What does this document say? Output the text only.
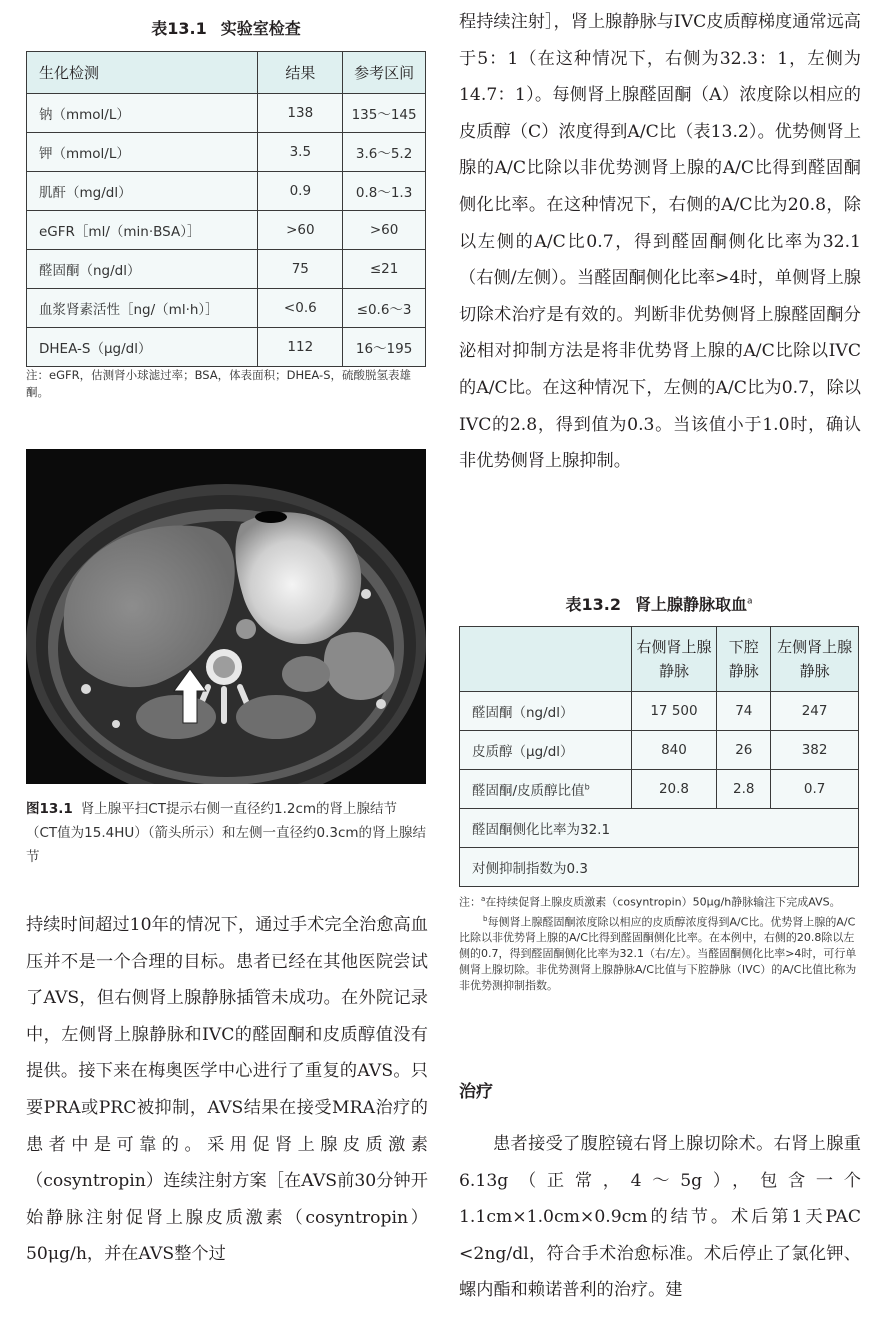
表13.1 实验室检查
生化检测	结果	参考区间
钠（mmol/L）	138	135～145
钾（mmol/L）	3.5	3.6～5.2
肌酐（mg/dl）	0.9	0.8～1.3
eGFR［ml/（min·BSA）］	>60	>60
醛固酮（ng/dl）	75	≤21
血浆肾素活性［ng/（ml·h）］	<0.6	≤0.6～3
DHEA-S（μg/dl）	112	16～195

注：eGFR，估测肾小球滤过率；BSA，体表面积；DHEA-S，硫酸脱氢表雄酮。

图13.1 肾上腺平扫CT提示右侧一直径约1.2cm的肾上腺结节（CT值为15.4HU）（箭头所示）和左侧一直径约0.3cm的肾上腺结节

持续时间超过10年的情况下，通过手术完全治愈高血压并不是一个合理的目标。患者已经在其他医院尝试了AVS，但右侧肾上腺静脉插管未成功。在外院记录中，左侧肾上腺静脉和IVC的醛固酮和皮质醇值没有提供。接下来在梅奥医学中心进行了重复的AVS。只要PRA或PRC被抑制，AVS结果在接受MRA治疗的患者中是可靠的。采用促肾上腺皮质激素（cosyntropin）连续注射方案［在AVS前30分钟开始静脉注射促肾上腺皮质激素（cosyntropin）50μg/h，并在AVS整个过

程持续注射］，肾上腺静脉与IVC皮质醇梯度通常远高于5：1（在这种情况下，右侧为32.3：1，左侧为14.7：1）。每侧肾上腺醛固酮（A）浓度除以相应的皮质醇（C）浓度得到A/C比（表13.2）。优势侧肾上腺的A/C比除以非优势测肾上腺的A/C比得到醛固酮侧化比率。在这种情况下，右侧的A/C比为20.8，除以左侧的A/C比0.7，得到醛固酮侧化比率为32.1（右侧/左侧）。当醛固酮侧化比率>4时，单侧肾上腺切除术治疗是有效的。判断非优势侧肾上腺醛固酮分泌相对抑制方法是将非优势肾上腺的A/C比除以IVC的A/C比。在这种情况下，左侧的A/C比为0.7，除以IVC的2.8，得到值为0.3。当该值小于1.0时，确认非优势侧肾上腺抑制。

表13.2 肾上腺静脉取血$^a$
	右侧肾上腺静脉	下腔静脉	左侧肾上腺静脉
醛固酮（ng/dl）	17 500	74	247
皮质醇（μg/dl）	840	26	382
醛固酮/皮质醇比值$^b$	20.8	2.8	0.7
醛固酮侧化比率为32.1			
对侧抑制指数为0.3			

注：$^a$在持续促肾上腺皮质激素（cosyntropin）50μg/h静脉输注下完成AVS。

$^b$每侧肾上腺醛固酮浓度除以相应的皮质醇浓度得到A/C比。优势肾上腺的A/C比除以非优势肾上腺的A/C比得到醛固酮侧化比率。在本例中，右侧的20.8除以左侧的0.7，得到醛固酮侧化比率为32.1（右/左）。当醛固酮侧化比率>4时，可行单侧肾上腺切除。非优势测肾上腺静脉A/C比值与下腔静脉（IVC）的A/C比值比称为非优势测抑制指数。

治疗

患者接受了腹腔镜右肾上腺切除术。右肾上腺重6.13g（正常，4～5g），包含一个1.1cm×1.0cm×0.9cm的结节。术后第1天PAC <2ng/dl，符合手术治愈标准。术后停止了氯化钾、螺内酯和赖诺普利的治疗。建
